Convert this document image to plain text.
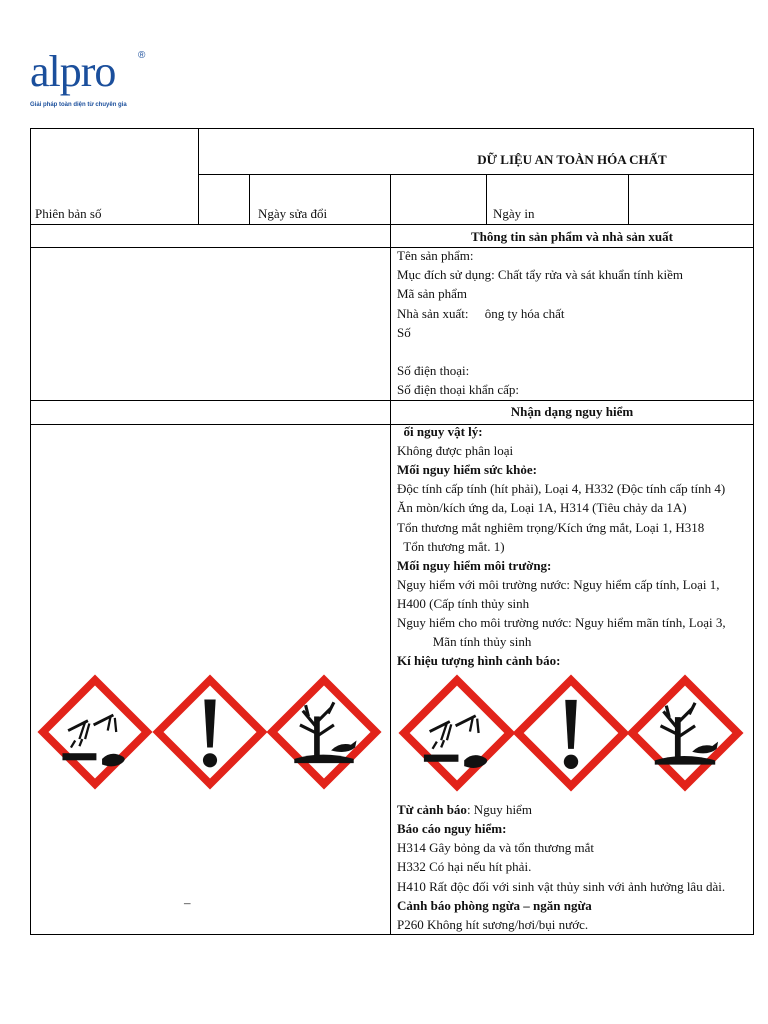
alpro	®
Giải pháp toàn diện từ chuyên gia
DỮ LIỆU AN TOÀN HÓA CHẤT
Phiên bản số	Ngày sửa đổi	Ngày in
Thông tin sản phẩm và nhà sản xuất
Tên sản phẩm:
Mục đích sử dụng: Chất tẩy rửa và sát khuẩn tính kiềm
Mã sản phẩm
Nhà sản xuất:     ông ty hóa chất
Số
Số điện thoại:
Số điện thoại khẩn cấp:
Nhận dạng nguy hiểm
ối nguy vật lý:
Không được phân loại
Mối nguy hiểm sức khỏe:
Độc tính cấp tính (hít phải), Loại 4, H332 (Độc tính cấp tính 4)
Ăn mòn/kích ứng da, Loại 1A, H314 (Tiêu chảy da 1A)
Tổn thương mắt nghiêm trọng/Kích ứng mắt, Loại 1, H318
Tổn thương mắt. 1)
Mối nguy hiểm môi trường:
Nguy hiểm với môi trường nước: Nguy hiểm cấp tính, Loại 1,
H400 (Cấp tính thủy sinh
Nguy hiểm cho môi trường nước: Nguy hiểm mãn tính, Loại 3,
Mãn tính thủy sinh
Kí hiệu tượng hình cảnh báo:
Từ cảnh báo: Nguy hiểm
Báo cáo nguy hiểm:
H314 Gây bỏng da và tổn thương mắt
H332 Có hại nếu hít phải.
H410 Rất độc đối với sinh vật thủy sinh với ảnh hưởng lâu dài.
Cảnh báo phòng ngừa – ngăn ngừa
P260 Không hít sương/hơi/bụi nước.
–
